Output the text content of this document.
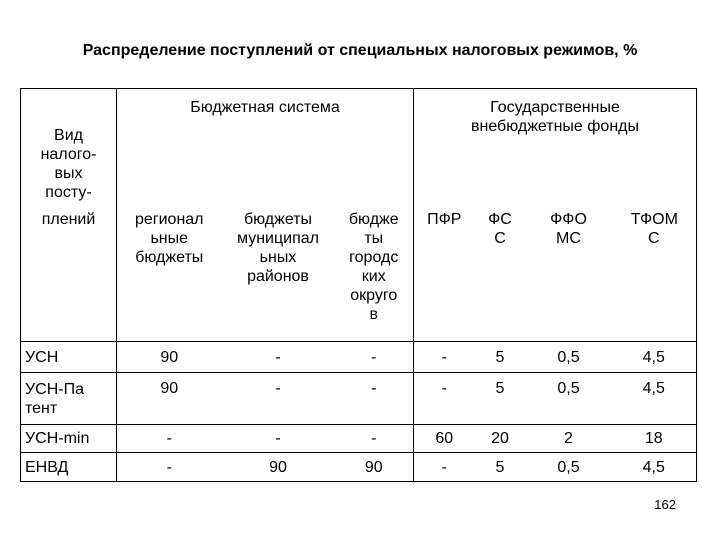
Распределение поступлений от специальных налоговых режимов, %
Вид налого-вых посту-	Бюджетная система			Государственные внебюджетные фонды			

плений	регионал ьные бюджеты	бюджеты муниципал ьных районов	бюдже ты городс ких округо в	ПФР	ФС С	ФФО МС	ТФОМ С

УСН	90	-	-	-	5	0,5	4,5

УСН-Патент	90	-	-	-	5	0,5	4,5
УСН-min	-	-	-	60	20	2	18
ЕНВД	-	90	90	-	5	0,5	4,5
162
